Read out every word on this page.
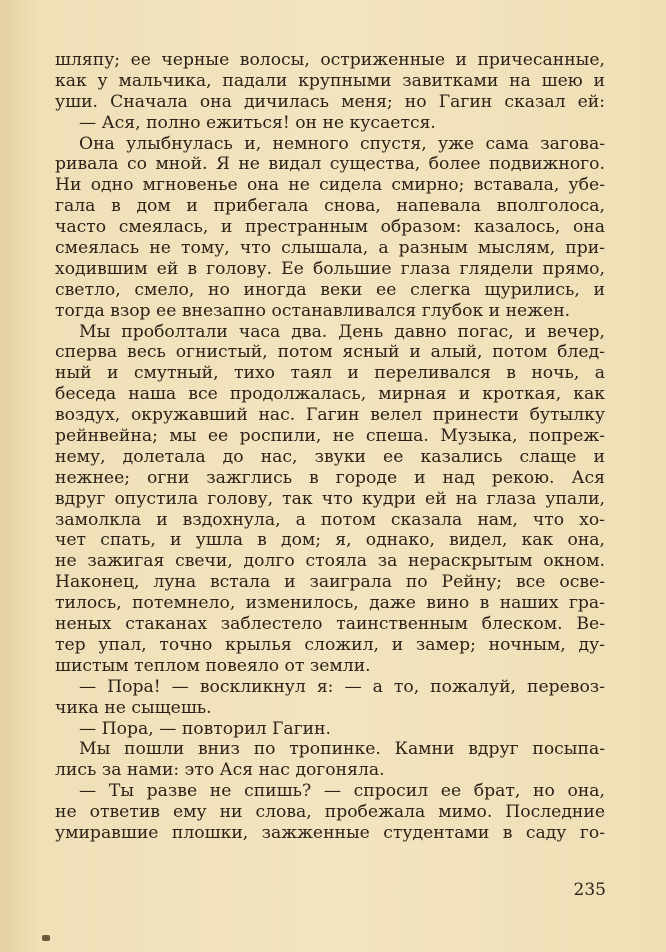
шляпу; ее черные волосы, остриженные и причесанные,
как у мальчика, падали крупными завитками на шею и
уши. Сначала она дичилась меня; но Гагин сказал ей:
— Ася, полно ежиться! он не кусается.
Она улыбнулась и, немного спустя, уже сама загова-
ривала со мной. Я не видал существа, более подвижного.
Ни одно мгновенье она не сидела смирно; вставала, убе-
гала в дом и прибегала снова, напевала вполголоса,
часто смеялась, и престранным образом: казалось, она
смеялась не тому, что слышала, а разным мыслям, при-
ходившим ей в голову. Ее большие глаза глядели прямо,
светло, смело, но иногда веки ее слегка щурились, и
тогда взор ее внезапно останавливался глубок и нежен.
Мы проболтали часа два. День давно погас, и вечер,
сперва весь огнистый, потом ясный и алый, потом блед-
ный и смутный, тихо таял и переливался в ночь, а
беседа наша все продолжалась, мирная и кроткая, как
воздух, окружавший нас. Гагин велел принести бутылку
рейнвейна; мы ее роспили, не спеша. Музыка, попреж-
нему, долетала до нас, звуки ее казались слаще и
нежнее; огни зажглись в городе и над рекою. Ася
вдруг опустила голову, так что кудри ей на глаза упали,
замолкла и вздохнула, а потом сказала нам, что хо-
чет спать, и ушла в дом; я, однако, видел, как она,
не зажигая свечи, долго стояла за нераскрытым окном.
Наконец, луна встала и заиграла по Рейну; все осве-
тилось, потемнело, изменилось, даже вино в наших гра-
неных стаканах заблестело таинственным блеском. Ве-
тер упал, точно крылья сложил, и замер; ночным, ду-
шистым теплом повеяло от земли.
— Пора! — воскликнул я: — а то, пожалуй, перевоз-
чика не сыщешь.
— Пора, — повторил Гагин.
Мы пошли вниз по тропинке. Камни вдруг посыпа-
лись за нами: это Ася нас догоняла.
— Ты разве не спишь? — спросил ее брат, но она,
не ответив ему ни слова, пробежала мимо. Последние
умиравшие плошки, зажженные студентами в саду го-
235
